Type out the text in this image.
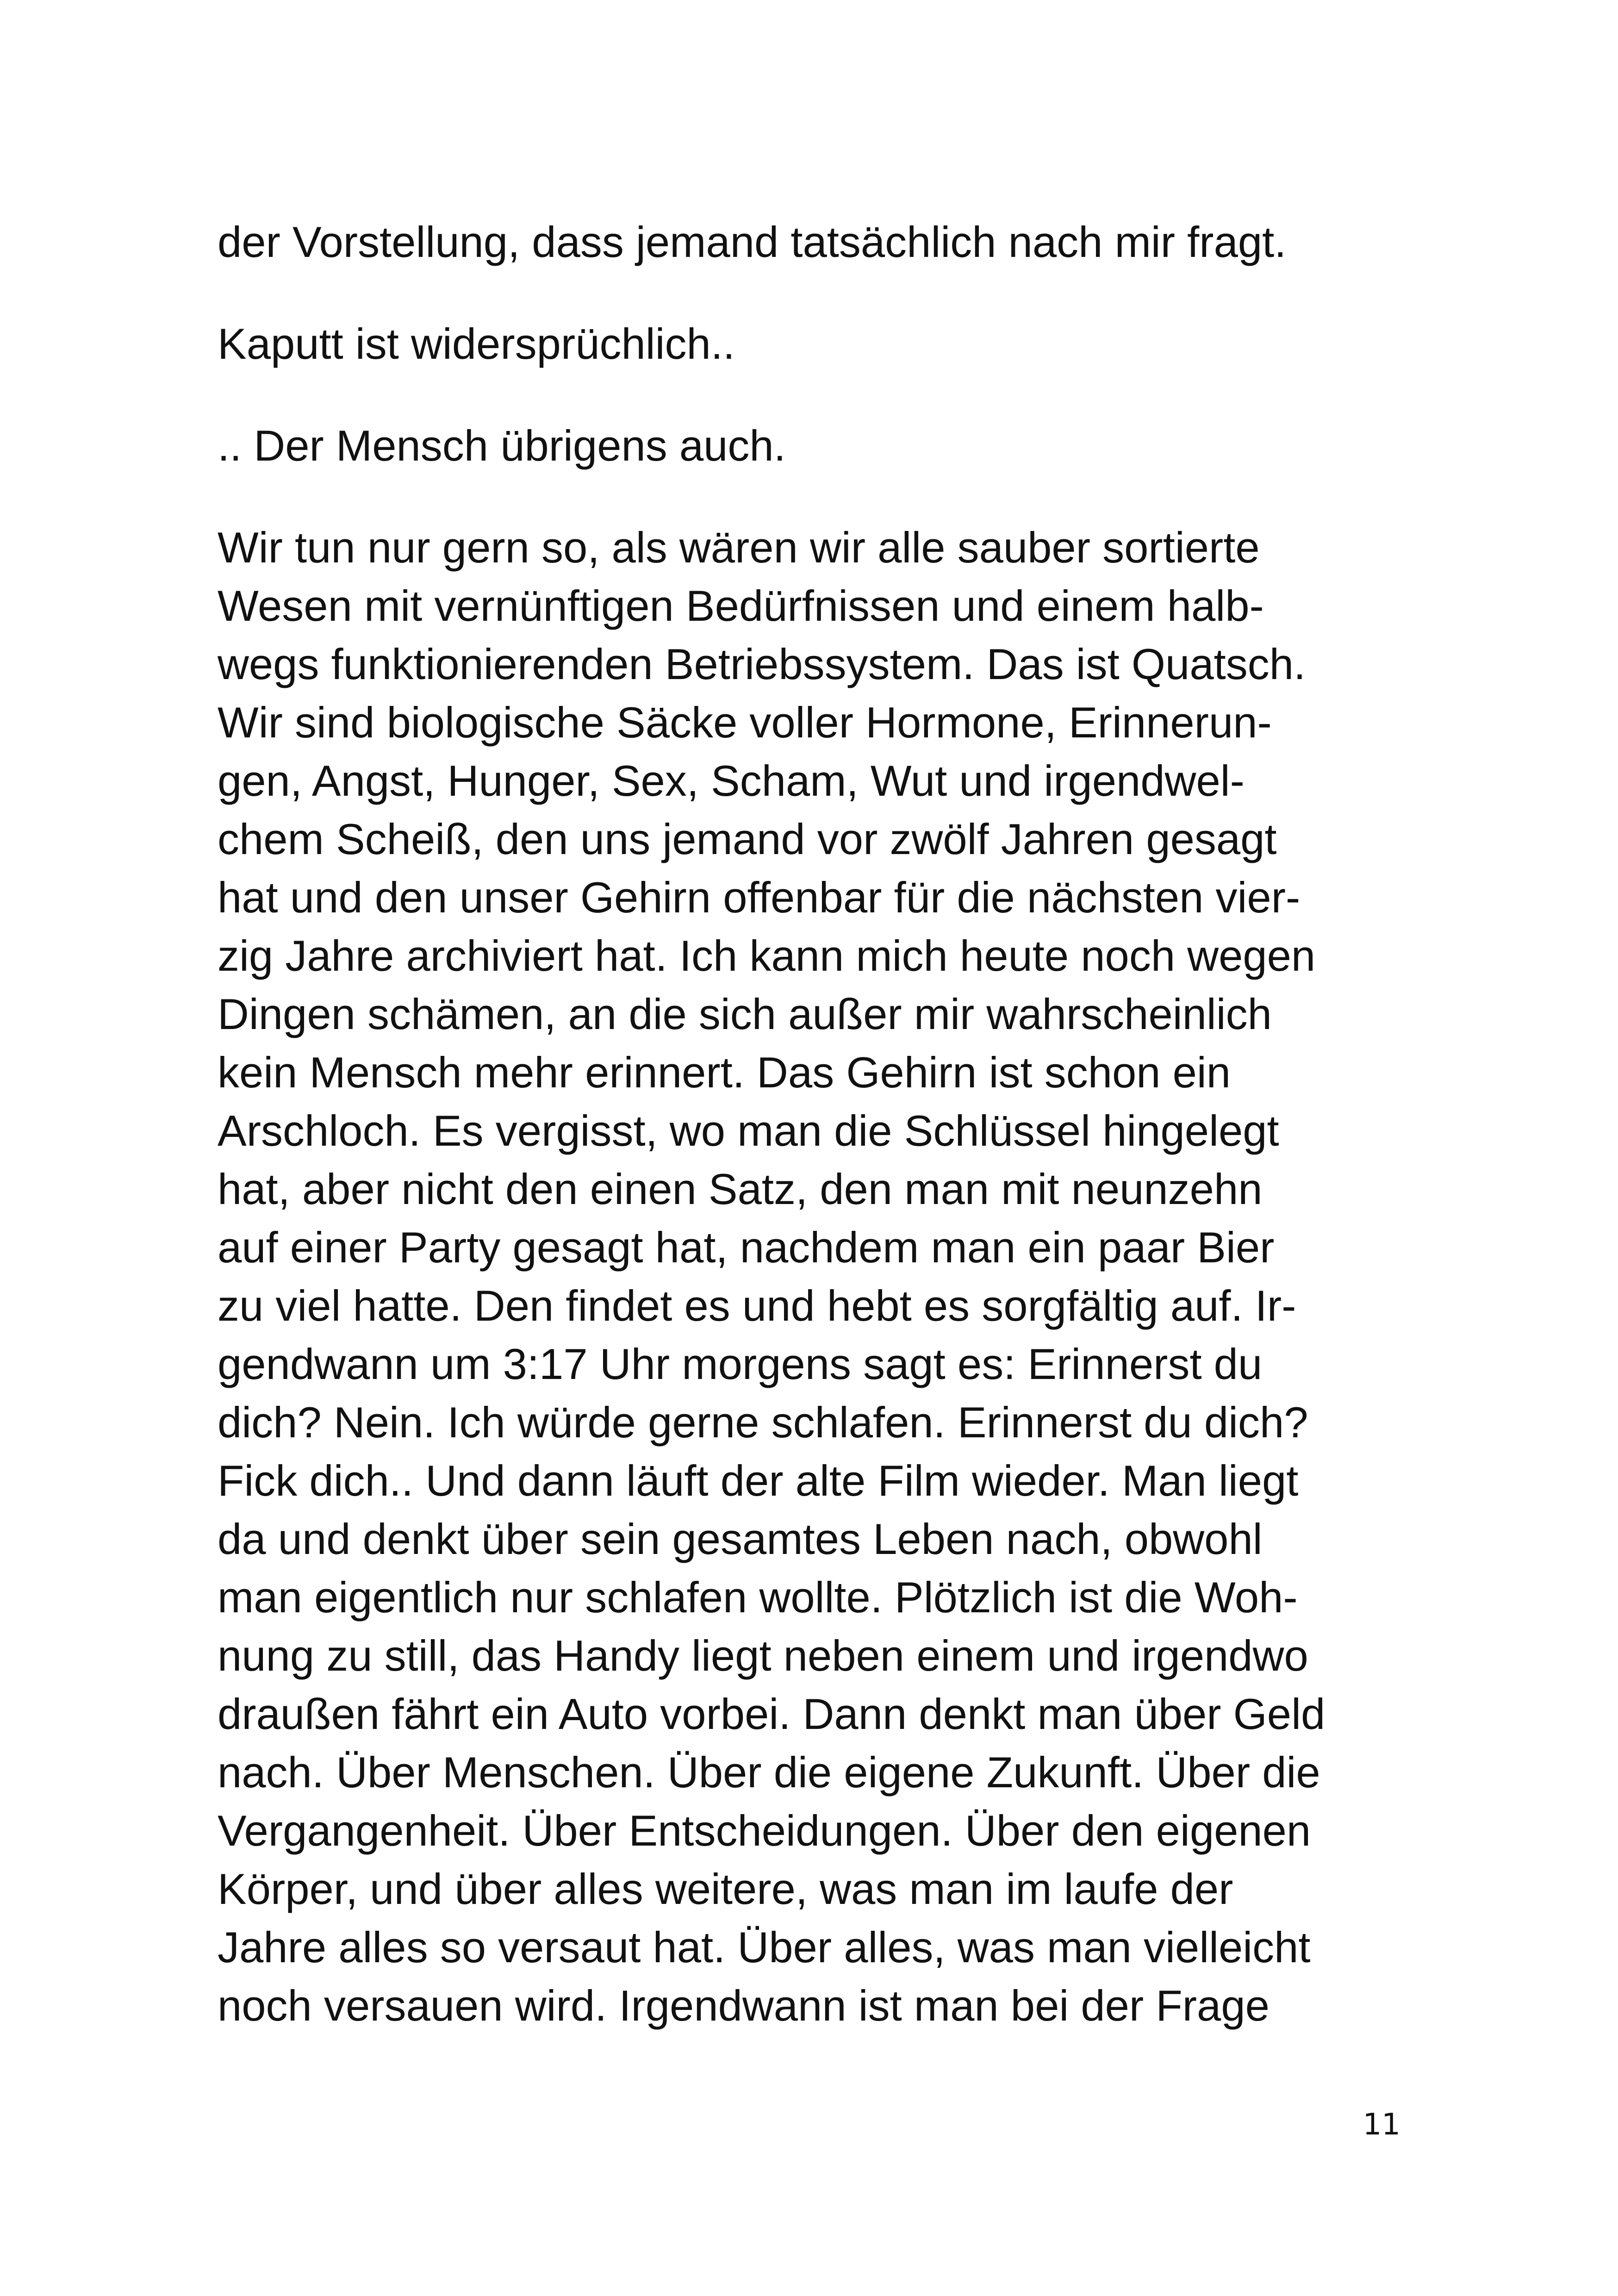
der Vorstellung, dass jemand tatsächlich nach mir fragt.

Kaputt ist widersprüchlich..

.. Der Mensch übrigens auch.

Wir tun nur gern so, als wären wir alle sauber sortierte
Wesen mit vernünftigen Bedürfnissen und einem halb-
wegs funktionierenden Betriebssystem. Das ist Quatsch.
Wir sind biologische Säcke voller Hormone, Erinnerun-
gen, Angst, Hunger, Sex, Scham, Wut und irgendwel-
chem Scheiß, den uns jemand vor zwölf Jahren gesagt
hat und den unser Gehirn offenbar für die nächsten vier-
zig Jahre archiviert hat. Ich kann mich heute noch wegen
Dingen schämen, an die sich außer mir wahrscheinlich
kein Mensch mehr erinnert. Das Gehirn ist schon ein
Arschloch. Es vergisst, wo man die Schlüssel hingelegt
hat, aber nicht den einen Satz, den man mit neunzehn
auf einer Party gesagt hat, nachdem man ein paar Bier
zu viel hatte. Den findet es und hebt es sorgfältig auf. Ir-
gendwann um 3:17 Uhr morgens sagt es: Erinnerst du
dich? Nein. Ich würde gerne schlafen. Erinnerst du dich?
Fick dich.. Und dann läuft der alte Film wieder. Man liegt
da und denkt über sein gesamtes Leben nach, obwohl
man eigentlich nur schlafen wollte. Plötzlich ist die Woh-
nung zu still, das Handy liegt neben einem und irgendwo
draußen fährt ein Auto vorbei. Dann denkt man über Geld
nach. Über Menschen. Über die eigene Zukunft. Über die
Vergangenheit. Über Entscheidungen. Über den eigenen
Körper, und über alles weitere, was man im laufe der
Jahre alles so versaut hat. Über alles, was man vielleicht
noch versauen wird. Irgendwann ist man bei der Frage

11
